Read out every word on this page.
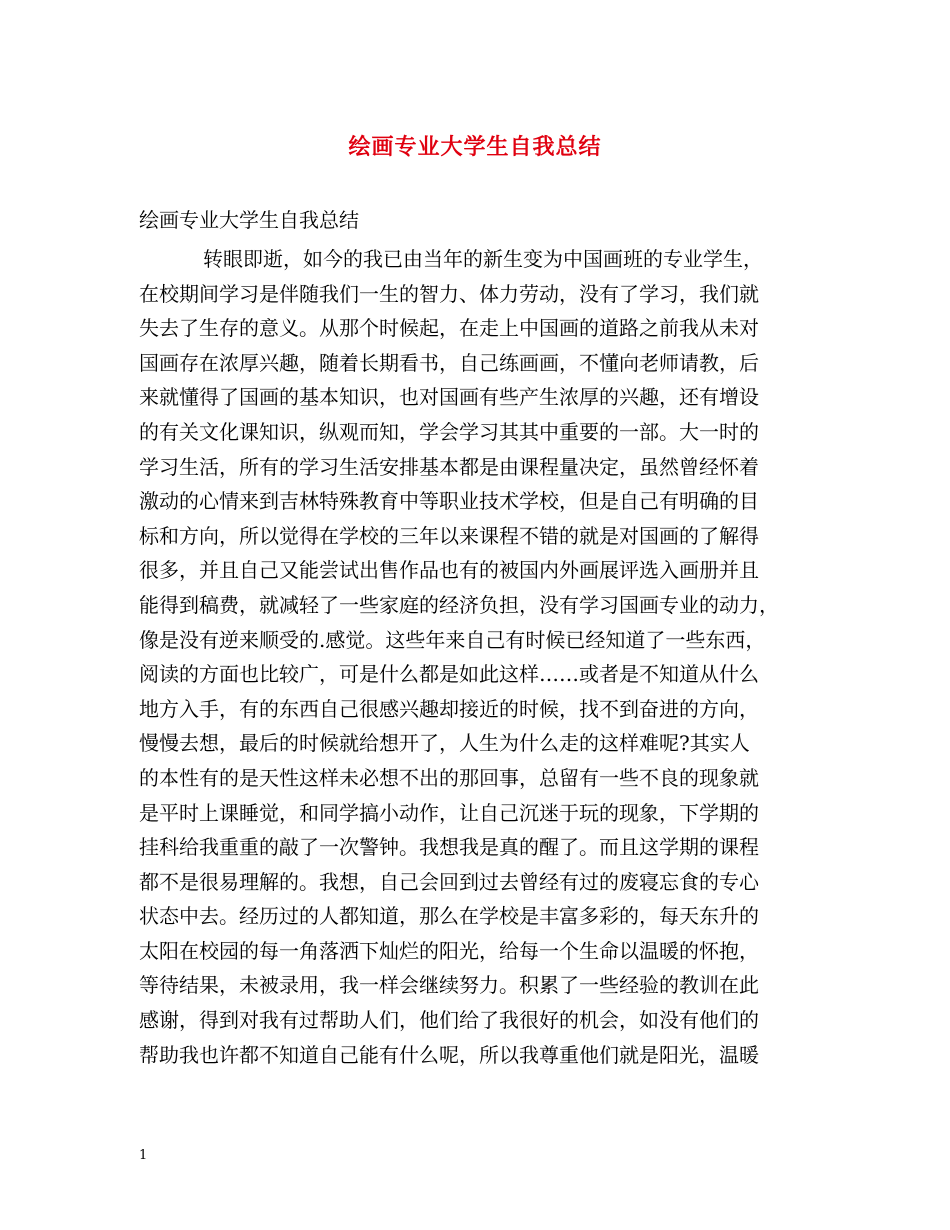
绘画专业大学生自我总结
绘画专业大学生自我总结
转眼即逝，如今的我已由当年的新生变为中国画班的专业学生，
在校期间学习是伴随我们一生的智力、体力劳动，没有了学习，我们就
失去了生存的意义。从那个时候起，在走上中国画的道路之前我从未对
国画存在浓厚兴趣，随着长期看书，自己练画画，不懂向老师请教，后
来就懂得了国画的基本知识，也对国画有些产生浓厚的兴趣，还有增设
的有关文化课知识，纵观而知，学会学习其其中重要的一部。大一时的
学习生活，所有的学习生活安排基本都是由课程量决定，虽然曾经怀着
激动的心情来到吉林特殊教育中等职业技术学校，但是自己有明确的目
标和方向，所以觉得在学校的三年以来课程不错的就是对国画的了解得
很多，并且自己又能尝试出售作品也有的被国内外画展评选入画册并且
能得到稿费，就减轻了一些家庭的经济负担，没有学习国画专业的动力，
像是没有逆来顺受的.感觉。这些年来自己有时候已经知道了一些东西，
阅读的方面也比较广，可是什么都是如此这样……或者是不知道从什么
地方入手，有的东西自己很感兴趣却接近的时候，找不到奋进的方向，
慢慢去想，最后的时候就给想开了，人生为什么走的这样难呢?其实人
的本性有的是天性这样未必想不出的那回事，总留有一些不良的现象就
是平时上课睡觉，和同学搞小动作，让自己沉迷于玩的现象，下学期的
挂科给我重重的敲了一次警钟。我想我是真的醒了。而且这学期的课程
都不是很易理解的。我想，自己会回到过去曾经有过的废寝忘食的专心
状态中去。经历过的人都知道，那么在学校是丰富多彩的，每天东升的
太阳在校园的每一角落洒下灿烂的阳光，给每一个生命以温暖的怀抱，
等待结果，未被录用，我一样会继续努力。积累了一些经验的教训在此
感谢，得到对我有过帮助人们，他们给了我很好的机会，如没有他们的
帮助我也许都不知道自己能有什么呢，所以我尊重他们就是阳光，温暖
1
